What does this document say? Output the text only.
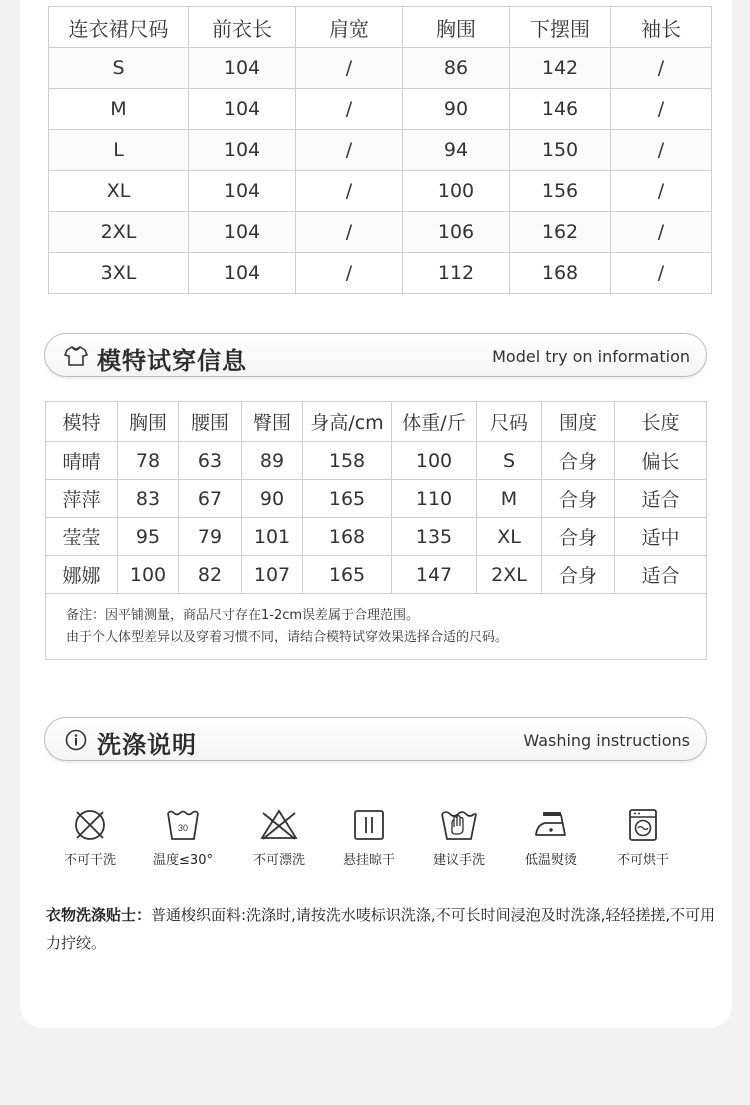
连衣裙尺码	前衣长	肩宽	胸围	下摆围	袖长
S	104	/	86	142	/
M	104	/	90	146	/
L	104	/	94	150	/
XL	104	/	100	156	/
2XL	104	/	106	162	/
3XL	104	/	112	168	/
模特试穿信息	Model try on information
模特	胸围	腰围	臀围	身高/cm	体重/斤	尺码	围度	长度
晴晴	78	63	89	158	100	S	合身	偏长
萍萍	83	67	90	165	110	M	合身	适合
莹莹	95	79	101	168	135	XL	合身	适中
娜娜	100	82	107	165	147	2XL	合身	适合

备注：因平铺测量，商品尺寸存在1-2cm误差属于合理范围。
由于个人体型差异以及穿着习惯不同，请结合模特试穿效果选择合适的尺码。								
洗涤说明	Washing instructions
不可干洗
30
温度≤30°	不可漂洗	悬挂晾干	建议手洗	低温熨烫	不可烘干
衣物洗涤贴士：普通梭织面料:洗涤时,请按洗水唛标识洗涤,不可长时间浸泡及时洗涤,轻轻搓搓,不可用力拧绞。
